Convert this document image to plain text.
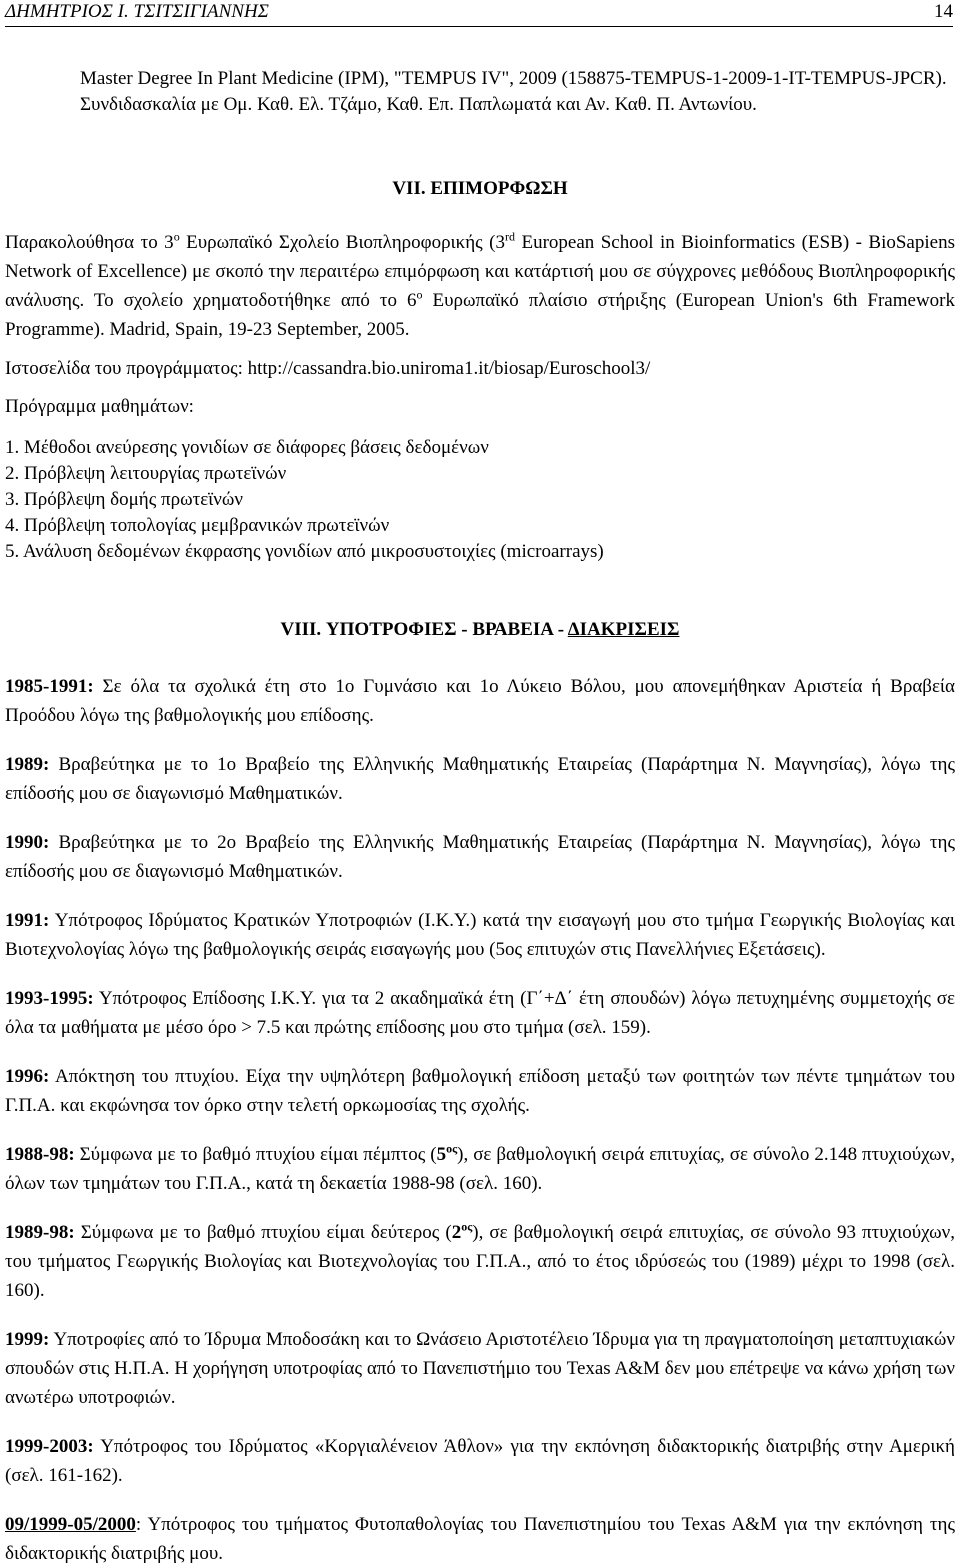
ΔΗΜΗΤΡΙΟΣ Ι. ΤΣΙΤΣΙΓΙΑΝΝΗΣ	14

Master Degree In Plant Medicine (IPM), "TEMPUS IV", 2009 (158875-TEMPUS-1-2009-1-IT-TEMPUS-JPCR). Συνδιδασκαλία με Ομ. Καθ. Ελ. Τζάμο, Καθ. Επ. Παπλωματά και Αν. Καθ. Π. Αντωνίου.

VII. ΕΠΙΜΟΡΦΩΣΗ

Παρακολούθησα το $3^o$ Ευρωπαϊκό Σχολείο Βιοπληροφορικής (3rd European School in Bioinformatics (ESB) - BioSapiens Network of Excellence) με σκοπό την περαιτέρω επιμόρφωση και κατάρτισή μου σε σύγχρονες μεθόδους Βιοπληροφορικής ανάλυσης. Το σχολείο χρηματοδοτήθηκε από το $6^o$ Ευρωπαϊκό πλαίσιο στήριξης (European Union's 6th Framework Programme). Madrid, Spain, 19-23 September, 2005.

Ιστοσελίδα του προγράμματος: http://cassandra.bio.uniroma1.it/biosap/Euroschool3/

Πρόγραμμα μαθημάτων:

1. Μέθοδοι ανεύρεσης γονιδίων σε διάφορες βάσεις δεδομένων
2. Πρόβλεψη λειτουργίας πρωτεϊνών
3. Πρόβλεψη δομής πρωτεϊνών
4. Πρόβλεψη τοπολογίας μεμβρανικών πρωτεϊνών
5. Ανάλυση δεδομένων έκφρασης γονιδίων από μικροσυστοιχίες (microarrays)

VIII. ΥΠΟΤΡΟΦΙΕΣ - ΒΡΑΒΕΙΑ - ΔΙΑΚΡΙΣΕΙΣ

1985-1991: Σε όλα τα σχολικά έτη στο 1ο Γυμνάσιο και 1ο Λύκειο Βόλου, μου απονεμήθηκαν Αριστεία ή Βραβεία Προόδου λόγω της βαθμολογικής μου επίδοσης.

1989: Βραβεύτηκα με το 1ο Βραβείο της Ελληνικής Μαθηματικής Εταιρείας (Παράρτημα Ν. Μαγνησίας), λόγω της επίδοσής μου σε διαγωνισμό Μαθηματικών.

1990: Βραβεύτηκα με το 2ο Βραβείο της Ελληνικής Μαθηματικής Εταιρείας (Παράρτημα Ν. Μαγνησίας), λόγω της επίδοσής μου σε διαγωνισμό Μαθηματικών.

1991: Υπότροφος Ιδρύματος Κρατικών Υποτροφιών (Ι.Κ.Υ.) κατά την εισαγωγή μου στο τμήμα Γεωργικής Βιολογίας και Βιοτεχνολογίας λόγω της βαθμολογικής σειράς εισαγωγής μου (5ος επιτυχών στις Πανελλήνιες Εξετάσεις).

1993-1995: Υπότροφος Επίδοσης Ι.Κ.Υ. για τα 2 ακαδημαϊκά έτη (Γ΄+Δ΄ έτη σπουδών) λόγω πετυχημένης συμμετοχής σε όλα τα μαθήματα με μέσο όρο > 7.5 και πρώτης επίδοσης μου στο τμήμα (σελ. 159).

1996: Απόκτηση του πτυχίου. Είχα την υψηλότερη βαθμολογική επίδοση μεταξύ των φοιτητών των πέντε τμημάτων του Γ.Π.Α. και εκφώνησα τον όρκο στην τελετή ορκωμοσίας της σχολής.

1988-98: Σύμφωνα με το βαθμό πτυχίου είμαι πέμπτος $(5^{o\varsigma})$, σε βαθμολογική σειρά επιτυχίας, σε σύνολο 2.148 πτυχιούχων, όλων των τμημάτων του Γ.Π.Α., κατά τη δεκαετία 1988-98 (σελ. 160).

1989-98: Σύμφωνα με το βαθμό πτυχίου είμαι δεύτερος $(2^{o\varsigma})$, σε βαθμολογική σειρά επιτυχίας, σε σύνολο 93 πτυχιούχων, του τμήματος Γεωργικής Βιολογίας και Βιοτεχνολογίας του Γ.Π.Α., από το έτος ιδρύσεώς του (1989) μέχρι το 1998 (σελ. 160).

1999: Υποτροφίες από το Ίδρυμα Μποδοσάκη και το Ωνάσειο Αριστοτέλειο Ίδρυμα για τη πραγματοποίηση μεταπτυχιακών σπουδών στις Η.Π.Α. Η χορήγηση υποτροφίας από το Πανεπιστήμιο του Texas A&M δεν μου επέτρεψε να κάνω χρήση των ανωτέρω υποτροφιών.

1999-2003: Υπότροφος του Ιδρύματος «Κοργιαλένειον Άθλον» για την εκπόνηση διδακτορικής διατριβής στην Αμερική (σελ. 161-162).

09/1999-05/2000: Υπότροφος του τμήματος Φυτοπαθολογίας του Πανεπιστημίου του Texas A&M για την εκπόνηση της διδακτορικής διατριβής μου.
